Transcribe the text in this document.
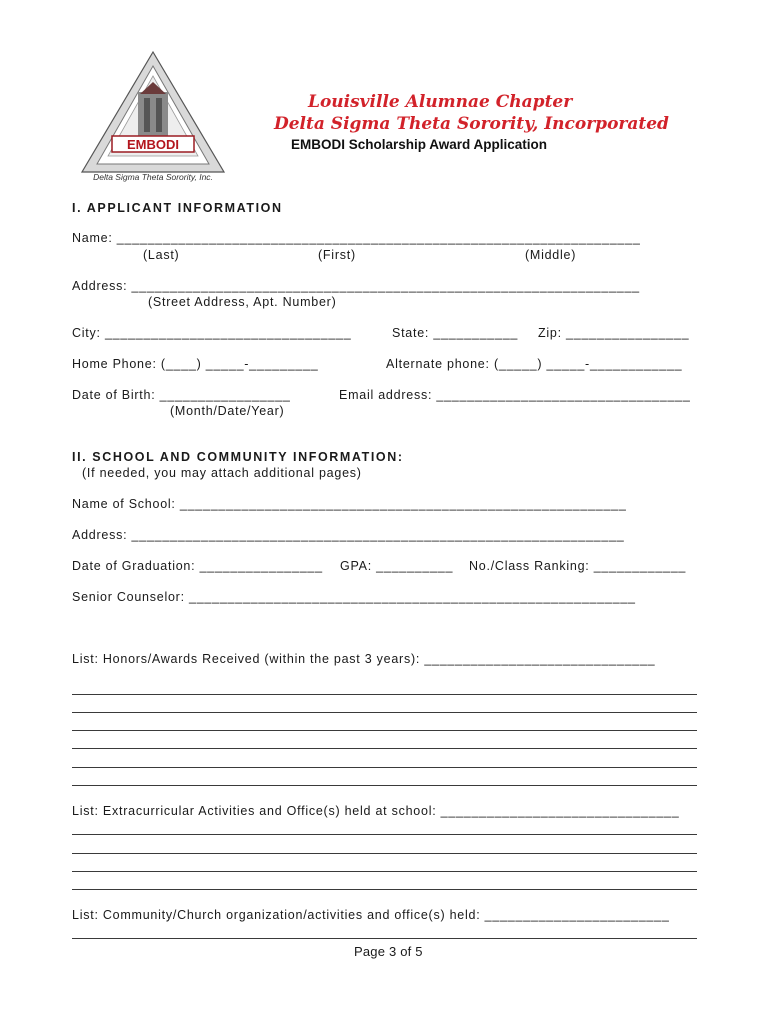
EMBODI
Delta Sigma Theta Sorority, Inc.
Louisville Alumnae Chapter
Delta Sigma Theta Sorority, Incorporated
EMBODI Scholarship Award Application
I. APPLICANT INFORMATION
Name: ____________________________________________________________________
(Last)	(First)	(Middle)
Address: __________________________________________________________________
(Street Address, Apt. Number)
City: ________________________________	State: ___________ Zip: ________________
Home Phone: (____) _____-_________	Alternate phone: (_____) _____-____________
Date of Birth: _________________	Email address: _________________________________
(Month/Date/Year)
II. SCHOOL AND COMMUNITY INFORMATION:
(If needed, you may attach additional pages)
Name of School: __________________________________________________________
Address: ________________________________________________________________
Date of Graduation: ________________ GPA: __________ No./Class Ranking: ____________
Senior Counselor: __________________________________________________________
List: Honors/Awards Received (within the past 3 years): ______________________________
List: Extracurricular Activities and Office(s) held at school: _______________________________
List: Community/Church organization/activities and office(s) held: ________________________
Page 3 of 5
